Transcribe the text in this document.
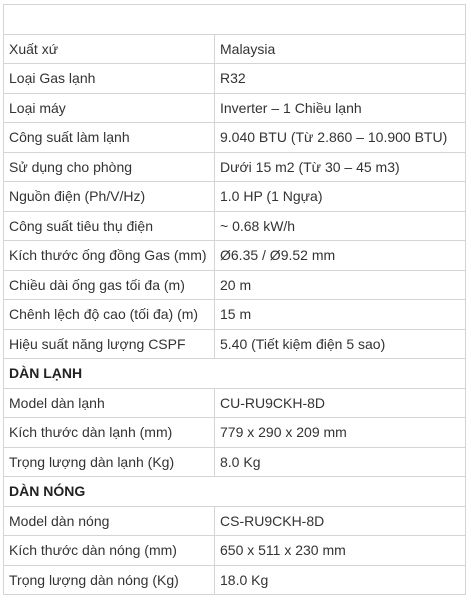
Xuất xứ	Malaysia
Loại Gas lạnh	R32
Loại máy	Inverter – 1 Chiều lạnh
Công suất làm lạnh	9.040 BTU (Từ 2.860 – 10.900 BTU)
Sử dụng cho phòng	Dưới 15 m2 (Từ 30 – 45 m3)
Nguồn điện (Ph/V/Hz)	1.0 HP (1 Ngựa)
Công suất tiêu thụ điện	~ 0.68 kW/h
Kích thước ống đồng Gas (mm)	Ø6.35 / Ø9.52 mm
Chiều dài ống gas tối đa (m)	20 m
Chênh lệch độ cao (tối đa) (m)	15 m
Hiệu suất năng lượng CSPF	5.40 (Tiết kiệm điện 5 sao)
DÀN LẠNH	
Model dàn lạnh	CU-RU9CKH-8D
Kích thước dàn lạnh (mm)	779 x 290 x 209 mm
Trọng lượng dàn lạnh (Kg)	8.0 Kg
DÀN NÓNG	
Model dàn nóng	CS-RU9CKH-8D
Kích thước dàn nóng (mm)	650 x 511 x 230 mm
Trọng lượng dàn nóng (Kg)	18.0 Kg
